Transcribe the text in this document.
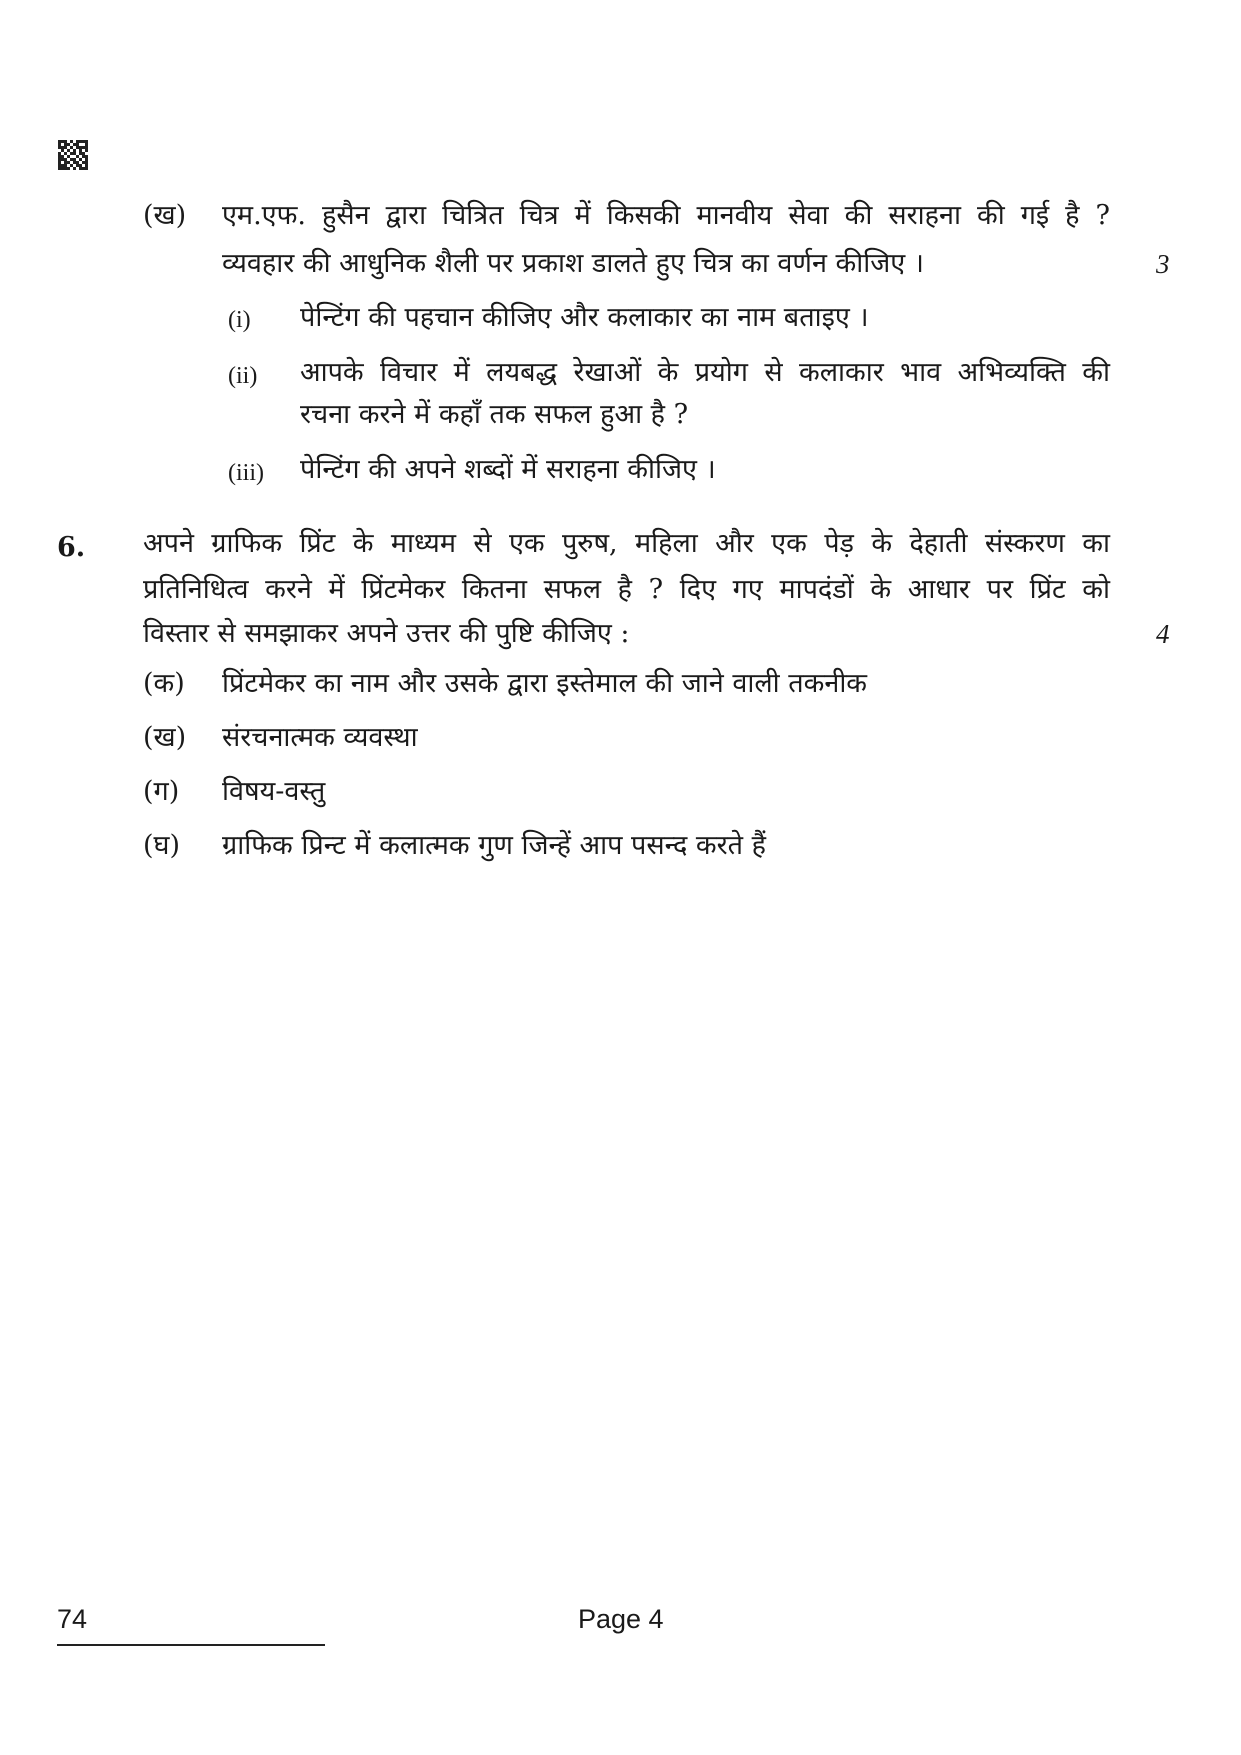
(ख) एम.एफ. हुसैन द्वारा चित्रित चित्र में किसकी मानवीय सेवा की सराहना की गई है ?
व्यवहार की आधुनिक शैली पर प्रकाश डालते हुए चित्र का वर्णन कीजिए ।	3
(i) पेन्टिंग की पहचान कीजिए और कलाकार का नाम बताइए ।
(ii) आपके विचार में लयबद्ध रेखाओं के प्रयोग से कलाकार भाव अभिव्यक्ति की
रचना करने में कहाँ तक सफल हुआ है ?
(iii) पेन्टिंग की अपने शब्दों में सराहना कीजिए ।
6. अपने ग्राफिक प्रिंट के माध्यम से एक पुरुष, महिला और एक पेड़ के देहाती संस्करण का
प्रतिनिधित्व करने में प्रिंटमेकर कितना सफल है ? दिए गए मापदंडों के आधार पर प्रिंट को
विस्तार से समझाकर अपने उत्तर की पुष्टि कीजिए :	4
(क) प्रिंटमेकर का नाम और उसके द्वारा इस्तेमाल की जाने वाली तकनीक
(ख) संरचनात्मक व्यवस्था
(ग) विषय-वस्तु
(घ) ग्राफिक प्रिन्ट में कलात्मक गुण जिन्हें आप पसन्द करते हैं
74	Page 4
